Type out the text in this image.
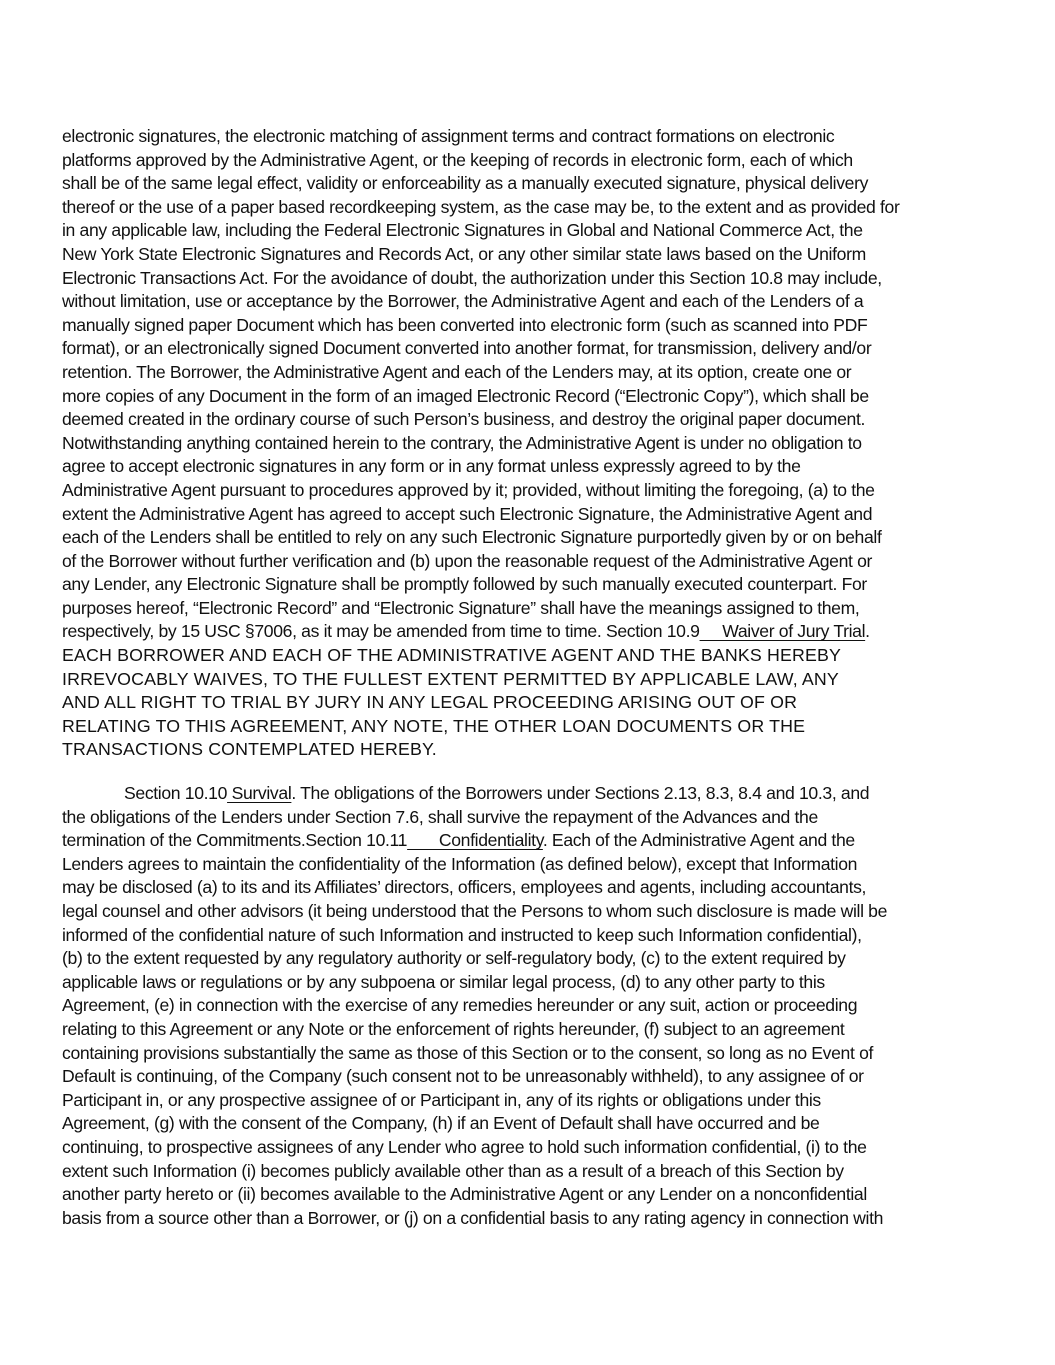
electronic signatures, the electronic matching of assignment terms and contract formations on electronic
platforms approved by the Administrative Agent, or the keeping of records in electronic form, each of which
shall be of the same legal effect, validity or enforceability as a manually executed signature, physical delivery
thereof or the use of a paper based recordkeeping system, as the case may be, to the extent and as provided for
in any applicable law, including the Federal Electronic Signatures in Global and National Commerce Act, the
New York State Electronic Signatures and Records Act, or any other similar state laws based on the Uniform
Electronic Transactions Act. For the avoidance of doubt, the authorization under this Section 10.8 may include,
without limitation, use or acceptance by the Borrower, the Administrative Agent and each of the Lenders of a
manually signed paper Document which has been converted into electronic form (such as scanned into PDF
format), or an electronically signed Document converted into another format, for transmission, delivery and/or
retention. The Borrower, the Administrative Agent and each of the Lenders may, at its option, create one or
more copies of any Document in the form of an imaged Electronic Record (“Electronic Copy”), which shall be
deemed created in the ordinary course of such Person’s business, and destroy the original paper document.
Notwithstanding anything contained herein to the contrary, the Administrative Agent is under no obligation to
agree to accept electronic signatures in any form or in any format unless expressly agreed to by the
Administrative Agent pursuant to procedures approved by it; provided, without limiting the foregoing, (a) to the
extent the Administrative Agent has agreed to accept such Electronic Signature, the Administrative Agent and
each of the Lenders shall be entitled to rely on any such Electronic Signature purportedly given by or on behalf
of the Borrower without further verification and (b) upon the reasonable request of the Administrative Agent or
any Lender, any Electronic Signature shall be promptly followed by such manually executed counterpart. For
purposes hereof, “Electronic Record” and “Electronic Signature” shall have the meanings assigned to them,
respectively, by 15 USC §7006, as it may be amended from time to time. Section 10.9     Waiver of Jury Trial.
EACH BORROWER AND EACH OF THE ADMINISTRATIVE AGENT AND THE BANKS HEREBY
IRREVOCABLY WAIVES, TO THE FULLEST EXTENT PERMITTED BY APPLICABLE LAW, ANY
AND ALL RIGHT TO TRIAL BY JURY IN ANY LEGAL PROCEEDING ARISING OUT OF OR
RELATING TO THIS AGREEMENT, ANY NOTE, THE OTHER LOAN DOCUMENTS OR THE
TRANSACTIONS CONTEMPLATED HEREBY.
Section 10.10 Survival. The obligations of the Borrowers under Sections 2.13, 8.3, 8.4 and 10.3, and
the obligations of the Lenders under Section 7.6, shall survive the repayment of the Advances and the
termination of the Commitments.Section 10.11       Confidentiality. Each of the Administrative Agent and the
Lenders agrees to maintain the confidentiality of the Information (as defined below), except that Information
may be disclosed (a) to its and its Affiliates’ directors, officers, employees and agents, including accountants,
legal counsel and other advisors (it being understood that the Persons to whom such disclosure is made will be
informed of the confidential nature of such Information and instructed to keep such Information confidential),
(b) to the extent requested by any regulatory authority or self-regulatory body, (c) to the extent required by
applicable laws or regulations or by any subpoena or similar legal process, (d) to any other party to this
Agreement, (e) in connection with the exercise of any remedies hereunder or any suit, action or proceeding
relating to this Agreement or any Note or the enforcement of rights hereunder, (f) subject to an agreement
containing provisions substantially the same as those of this Section or to the consent, so long as no Event of
Default is continuing, of the Company (such consent not to be unreasonably withheld), to any assignee of or
Participant in, or any prospective assignee of or Participant in, any of its rights or obligations under this
Agreement, (g) with the consent of the Company, (h) if an Event of Default shall have occurred and be
continuing, to prospective assignees of any Lender who agree to hold such information confidential, (i) to the
extent such Information (i) becomes publicly available other than as a result of a breach of this Section by
another party hereto or (ii) becomes available to the Administrative Agent or any Lender on a nonconfidential
basis from a source other than a Borrower, or (j) on a confidential basis to any rating agency in connection with
